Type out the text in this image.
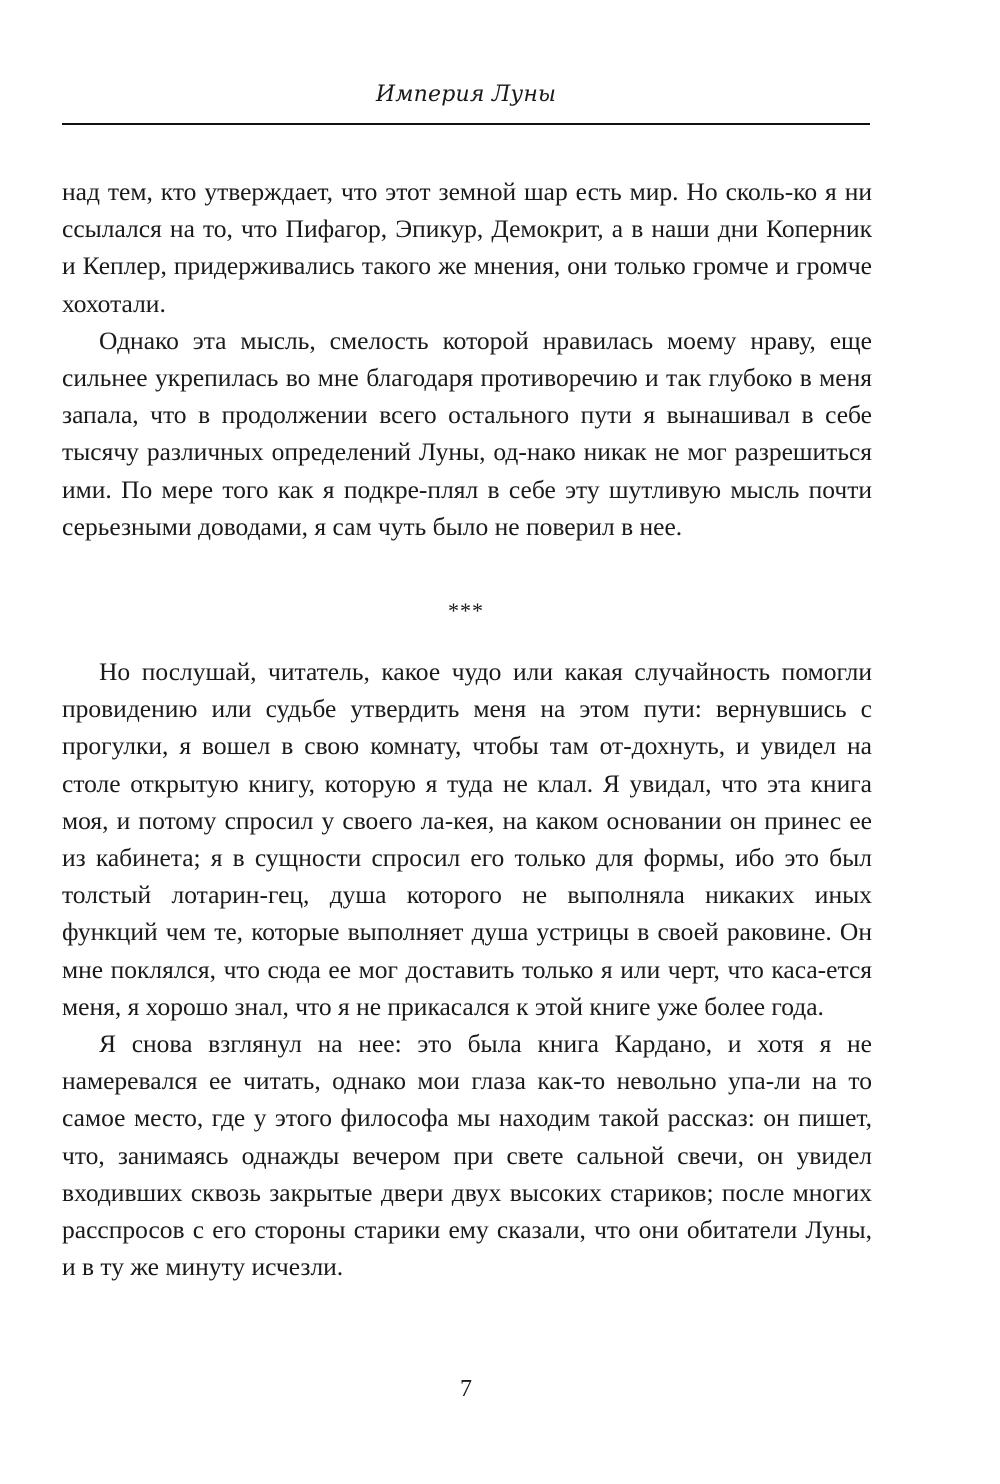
Империя Луны

над тем, кто утверждает, что этот земной шар есть мир. Но сколь-ко я ни ссылался на то, что Пифагор, Эпикур, Демокрит, а в наши дни Коперник и Кеплер, придерживались такого же мнения, они только громче и громче хохотали.

Однако эта мысль, смелость которой нравилась моему нраву, еще сильнее укрепилась во мне благодаря противоречию и так глубоко в меня запала, что в продолжении всего остального пути я вынашивал в себе тысячу различных определений Луны, од-нако никак не мог разрешиться ими. По мере того как я подкре-плял в себе эту шутливую мысль почти серьезными доводами, я сам чуть было не поверил в нее.

***

Но послушай, читатель, какое чудо или какая случайность помогли провидению или судьбе утвердить меня на этом пути: вернувшись с прогулки, я вошел в свою комнату, чтобы там от-дохнуть, и увидел на столе открытую книгу, которую я туда не клал. Я увидал, что эта книга моя, и потому спросил у своего ла-кея, на каком основании он принес ее из кабинета; я в сущности спросил его только для формы, ибо это был толстый лотарин-гец, душа которого не выполняла никаких иных функций чем те, которые выполняет душа устрицы в своей раковине. Он мне поклялся, что сюда ее мог доставить только я или черт, что каса-ется меня, я хорошо знал, что я не прикасался к этой книге уже более года.

Я снова взглянул на нее: это была книга Кардано, и хотя я не намеревался ее читать, однако мои глаза как-то невольно упа-ли на то самое место, где у этого философа мы находим такой рассказ: он пишет, что, занимаясь однажды вечером при свете сальной свечи, он увидел входивших сквозь закрытые двери двух высоких стариков; после многих расспросов с его стороны старики ему сказали, что они обитатели Луны, и в ту же минуту исчезли.

7
